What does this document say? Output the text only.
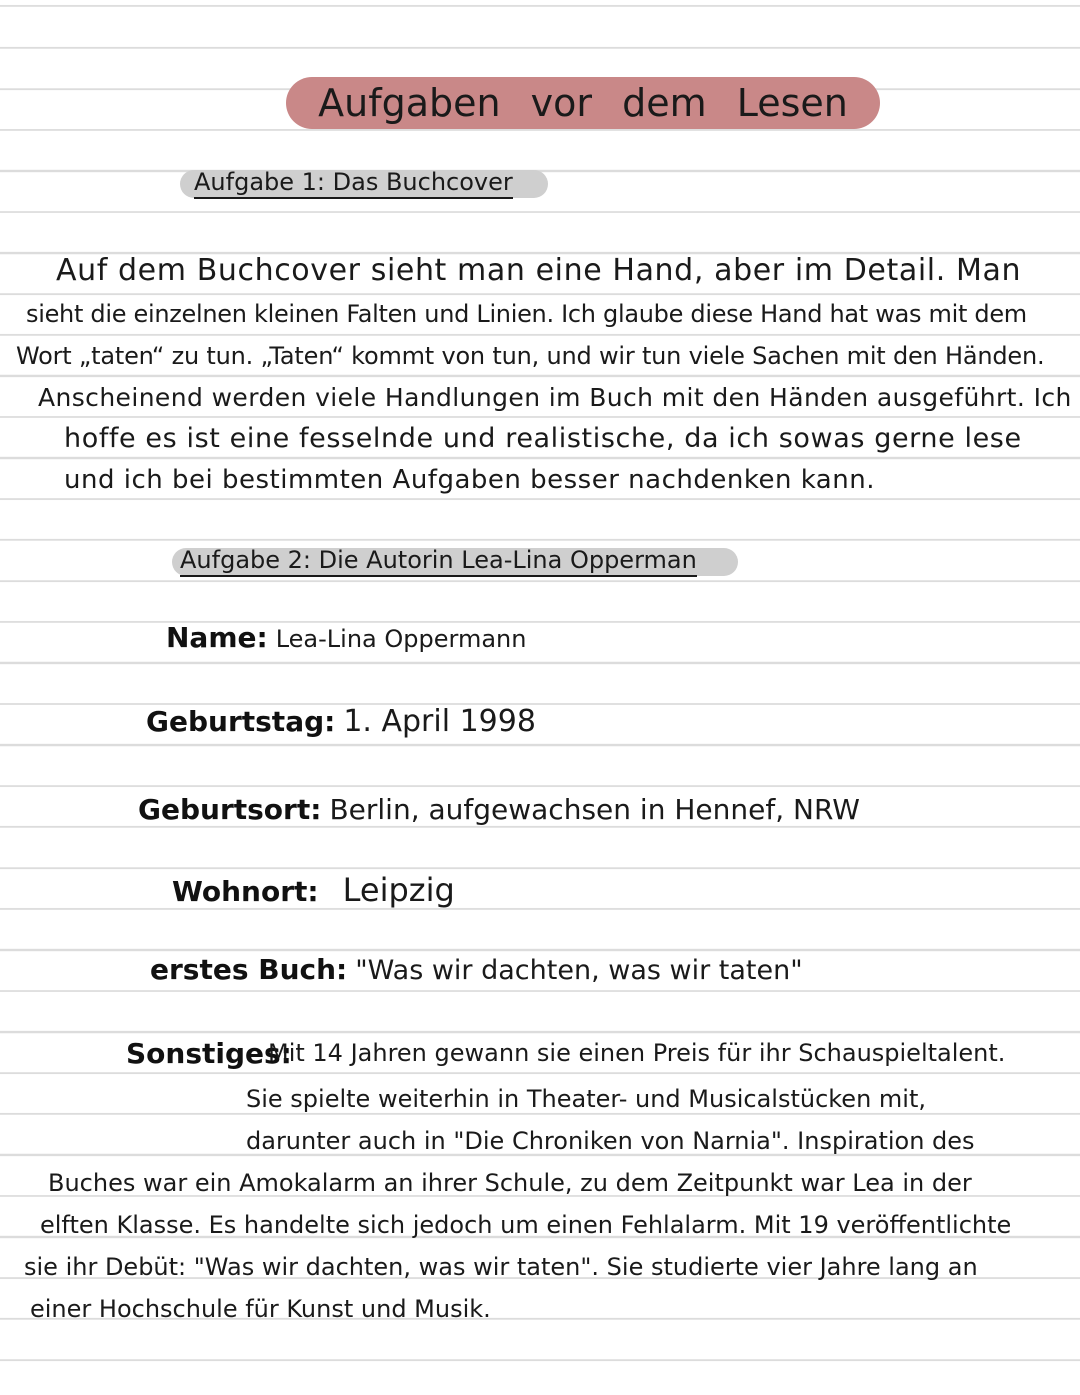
Aufgaben vor dem Lesen
Aufgabe 1: Das Buchcover
Auf dem Buchcover sieht man eine Hand, aber im Detail. Man
sieht die einzelnen kleinen Falten und Linien. Ich glaube diese Hand hat was mit dem
Wort „taten“ zu tun. „Taten“ kommt von tun, und wir tun viele Sachen mit den Händen.
Anscheinend werden viele Handlungen im Buch mit den Händen ausgeführt. Ich
hoffe es ist eine fesselnde und realistische, da ich sowas gerne lese
und ich bei bestimmten Aufgaben besser nachdenken kann.
Aufgabe 2: Die Autorin Lea-Lina Opperman
Name: Lea-Lina Oppermann
Geburtstag: 1. April 1998
Geburtsort: Berlin, aufgewachsen in Hennef, NRW
Wohnort: Leipzig
erstes Buch: "Was wir dachten, was wir taten"
Sonstiges:
Mit 14 Jahren gewann sie einen Preis für ihr Schauspieltalent.
Sie spielte weiterhin in Theater- und Musicalstücken mit,
darunter auch in "Die Chroniken von Narnia". Inspiration des
Buches war ein Amokalarm an ihrer Schule, zu dem Zeitpunkt war Lea in der
elften Klasse. Es handelte sich jedoch um einen Fehlalarm. Mit 19 veröffentlichte
sie ihr Debüt: "Was wir dachten, was wir taten". Sie studierte vier Jahre lang an
einer Hochschule für Kunst und Musik.
